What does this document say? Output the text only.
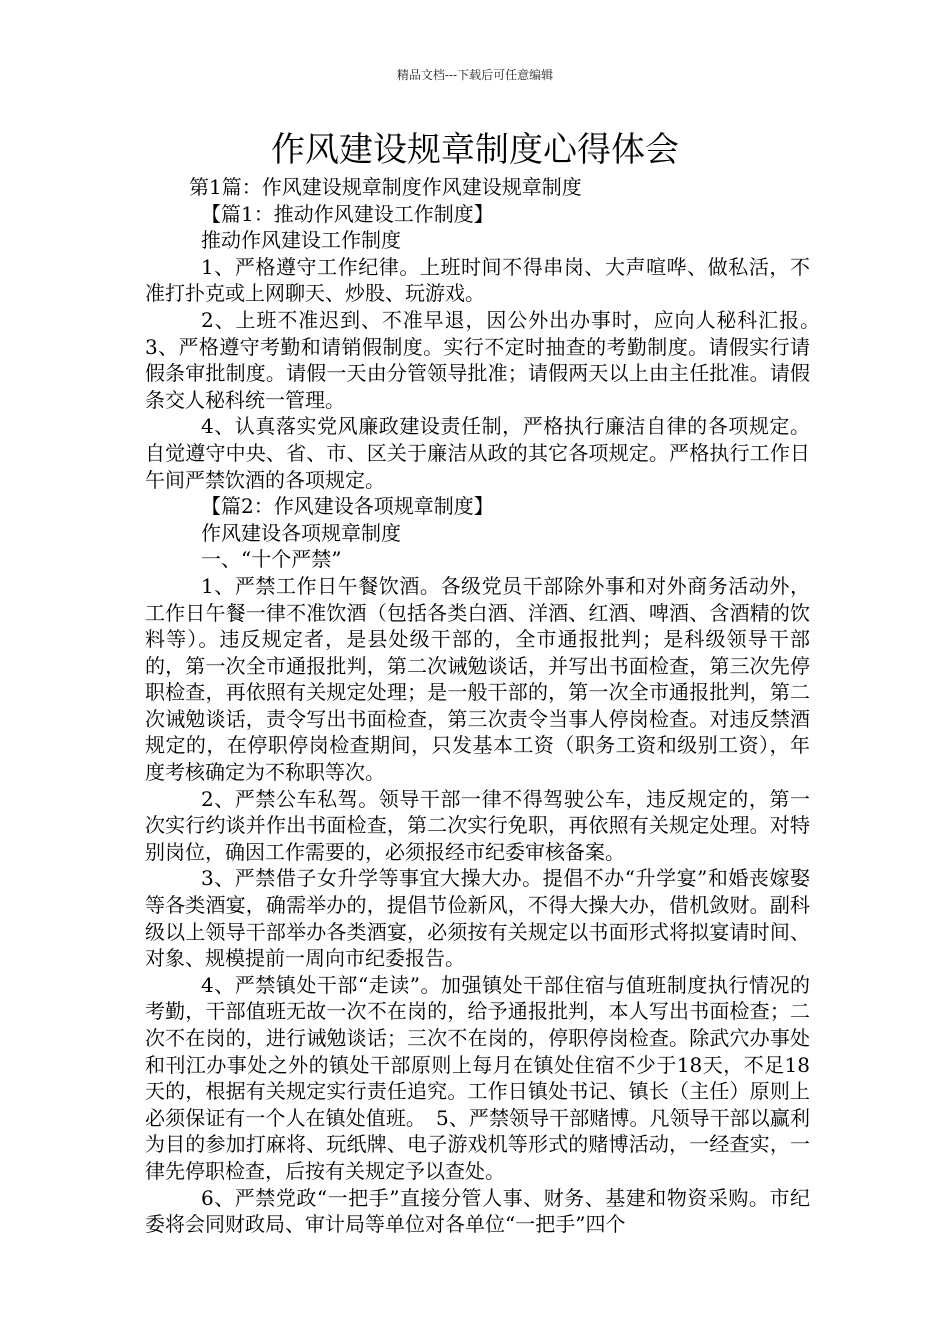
精品文档---下载后可任意编辑
作风建设规章制度心得体会

第1篇：作风建设规章制度作风建设规章制度

【篇1：推动作风建设工作制度】

推动作风建设工作制度

1、严格遵守工作纪律。上班时间不得串岗、大声喧哗、做私活，不准打扑克或上网聊天、炒股、玩游戏。

2、上班不准迟到、不准早退，因公外出办事时，应向人秘科汇报。　3、严格遵守考勤和请销假制度。实行不定时抽查的考勤制度。请假实行请假条审批制度。请假一天由分管领导批准；请假两天以上由主任批准。请假条交人秘科统一管理。

4、认真落实党风廉政建设责任制，严格执行廉洁自律的各项规定。自觉遵守中央、省、市、区关于廉洁从政的其它各项规定。严格执行工作日午间严禁饮酒的各项规定。

【篇2：作风建设各项规章制度】

作风建设各项规章制度

一、“十个严禁”

1、严禁工作日午餐饮酒。各级党员干部除外事和对外商务活动外，工作日午餐一律不准饮酒（包括各类白酒、洋酒、红酒、啤酒、含酒精的饮料等）。违反规定者，是县处级干部的，全市通报批判；是科级领导干部的，第一次全市通报批判，第二次诫勉谈话，并写出书面检查，第三次先停职检查，再依照有关规定处理；是一般干部的，第一次全市通报批判，第二次诫勉谈话，责令写出书面检查，第三次责令当事人停岗检查。对违反禁酒规定的，在停职停岗检查期间，只发基本工资（职务工资和级别工资），年度考核确定为不称职等次。

2、严禁公车私驾。领导干部一律不得驾驶公车，违反规定的，第一次实行约谈并作出书面检查，第二次实行免职，再依照有关规定处理。对特别岗位，确因工作需要的，必须报经市纪委审核备案。

3、严禁借子女升学等事宜大操大办。提倡不办“升学宴”和婚丧嫁娶等各类酒宴，确需举办的，提倡节俭新风，不得大操大办，借机敛财。副科级以上领导干部举办各类酒宴，必须按有关规定以书面形式将拟宴请时间、对象、规模提前一周向市纪委报告。

4、严禁镇处干部“走读”。加强镇处干部住宿与值班制度执行情况的考勤，干部值班无故一次不在岗的，给予通报批判，本人写出书面检查；二次不在岗的，进行诫勉谈话；三次不在岗的，停职停岗检查。除武穴办事处和刊江办事处之外的镇处干部原则上每月在镇处住宿不少于18天，不足18天的，根据有关规定实行责任追究。工作日镇处书记、镇长（主任）原则上必须保证有一个人在镇处值班。　5、严禁领导干部赌博。凡领导干部以赢利为目的参加打麻将、玩纸牌、电子游戏机等形式的赌博活动，一经查实，一律先停职检查，后按有关规定予以查处。

6、严禁党政“一把手”直接分管人事、财务、基建和物资采购。市纪委将会同财政局、审计局等单位对各单位“一把手”四个
